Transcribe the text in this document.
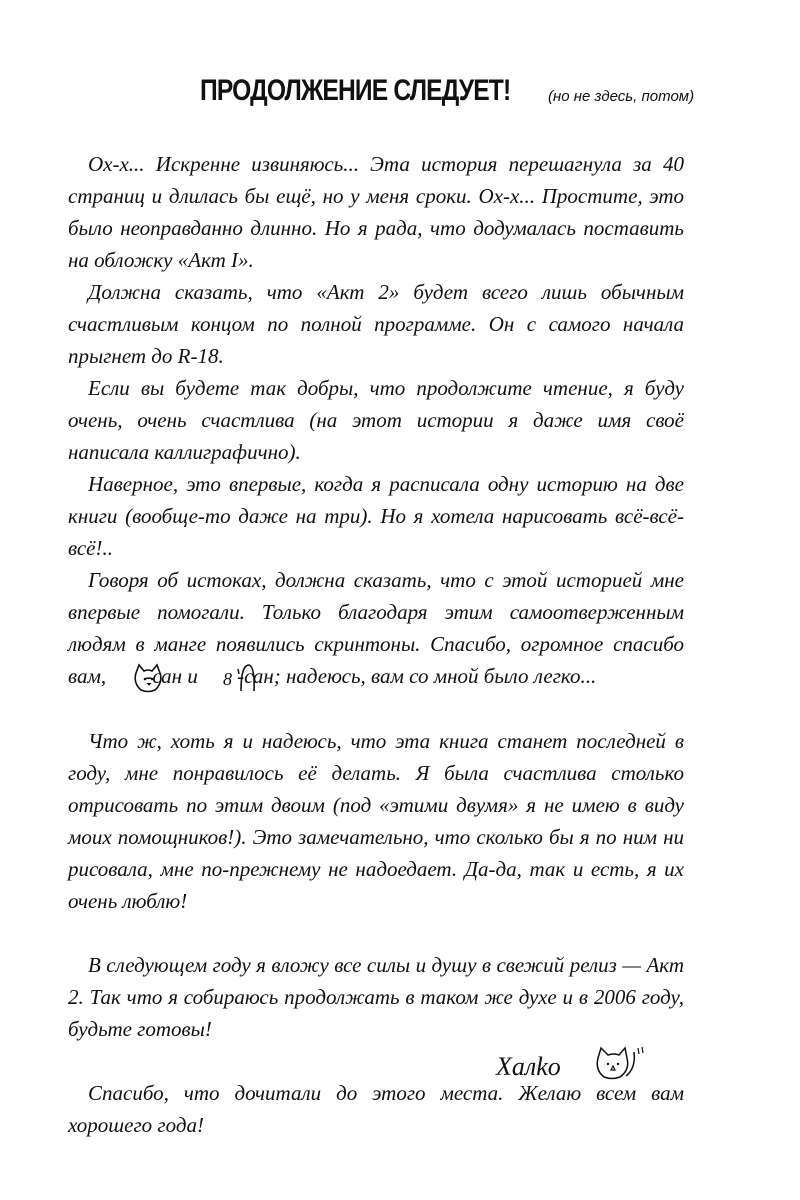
ПРОДОЛЖЕНИЕ СЛЕДУЕТ!	(но не здесь, потом)

Ох-х... Искренне извиняюсь... Эта история перешагнула за 40 страниц и длилась бы ещё, но у меня сроки. Ох-х... Простите, это было неоправданно длинно. Но я рада, что додумалась поставить на обложку «Акт I».

Должна сказать, что «Акт 2» будет всего лишь обычным счастливым концом по полной программе. Он с самого начала прыгнет до R-18.

Если вы будете так добры, что продолжите чтение, я буду очень, очень счастлива (на этот истории я даже имя своё написала каллиграфично).

Наверное, это впервые, когда я расписала одну историю на две книги (вообще-то даже на три). Но я хотела нарисовать всё-всё-всё!..

Говоря об истоках, должна сказать, что с этой историей мне впервые помогали. Только благодаря этим самоотверженным людям в манге появились скринтоны. Спасибо, огромное спасибо вам, -сан и 8 -сан; надеюсь, вам со мной было легко...

Что ж, хоть я и надеюсь, что эта книга станет последней в году, мне понравилось её делать. Я была счастлива столько отрисовать по этим двоим (под «этими двумя» я не имею в виду моих помощников!). Это замечательно, что сколько бы я по ним ни рисовала, мне по-прежнему не надоедает. Да-да, так и есть, я их очень люблю!

В следующем году я вложу все силы и душу в свежий релиз — Акт 2. Так что я собираюсь продолжать в таком же духе и в 2006 году, будьте готовы!

Спасибо, что дочитали до этого места. Желаю всем вам хорошего года!

Χaлko
